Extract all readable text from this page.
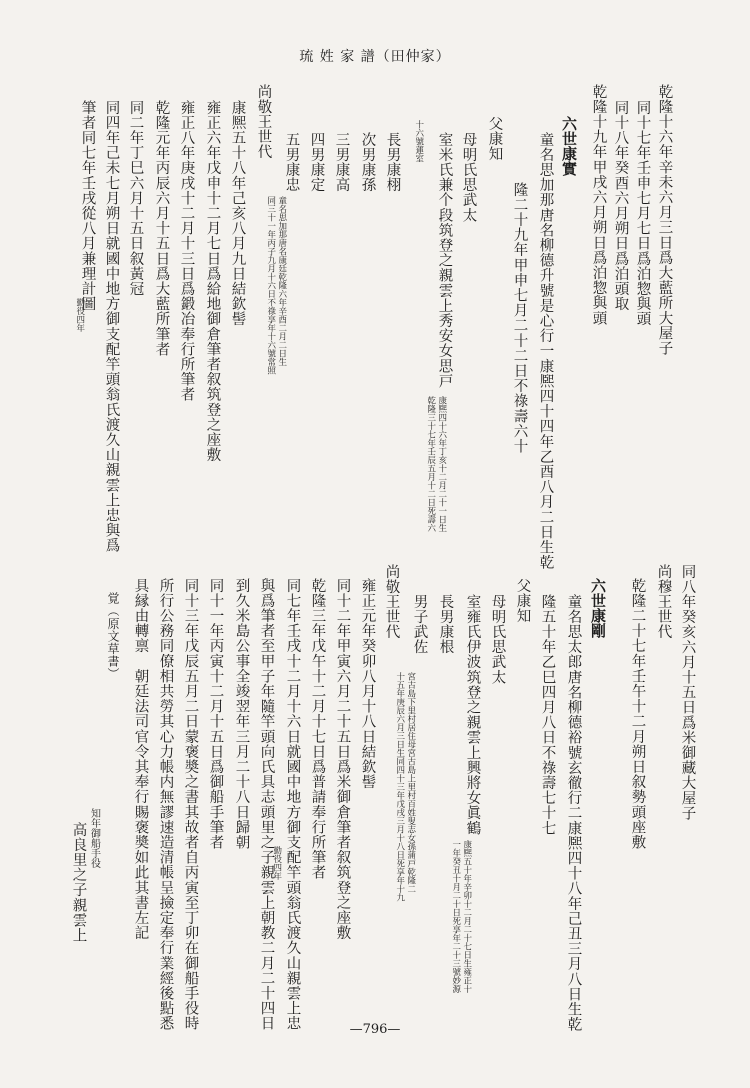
琉 姓 家 譜（田仲家）
乾隆十六年辛未六月三日爲大藍所大屋子
同十七年壬申七月七日爲泊惣與頭
同十八年癸酉六月朔日爲泊頭取
乾隆十九年甲戌六月朔日爲泊惣與頭
六世康實
童名思加那唐名柳德升號是心行一康熈四十四年乙酉八月二日生乾
隆二十九年甲申七月二十二日不祿壽六十
父康知
母明氏思武太
室米氏兼个段筑登之親雲上秀安女思戸
康熈四十六年丁亥十二月二十一日生
乾隆三十七年壬辰五月十二日死壽六
十六號蓮室
長男康栩
次男康孫
三男康高
四男康定
五男康忠
童名思加那唐名康廷乾隆六年辛酉二月二日生
同三十一年丙子九月十六日不祿享年十六號常照
尚敬王世代
康熈五十八年己亥八月九日結欽髻
雍正六年戊申十二月七日爲給地御倉筆者叙筑登之座敷
雍正八年庚戌十二月十三日爲鍛冶奉行所筆者
乾隆元年丙辰六月十五日爲大藍所筆者
同二年丁巳六月十五日叙黃冠
同四年己未七月朔日就國中地方御支配竿頭翁氏渡久山親雲上忠與爲
筆者同七年壬戌從八月兼理計圖
勤役四年
同八年癸亥六月十五日爲米御藏大屋子
尚穆王世代
乾隆二十七年壬午十二月朔日叙勢頭座敷
六世康剛
童名思太郎唐名柳德裕號玄徹行二康熈四十八年己丑三月八日生乾
隆五十年乙巳四月八日不祿壽七十七
父康知
母明氏思武太
室雍氏伊波筑登之親雲上興將女眞鶴
康熈五十年辛卯十二月二十七日生雍正十
一年癸丑十月二十日死享年二十三號妙源
長男康根
男子武佐
宮古島下里村居住母宮古島上里村百姓叟志女孫蒲戸乾隆二
十五年庚辰六月三日生同四十三年戊戌三月十八日死享年十九
尚敬王世代
雍正元年癸卯八月十八日結欽髻
同十二年甲寅六月二十五日爲米御倉筆者叙筑登之座敷
乾隆三年戊午十二月十七日爲普請奉行所筆者
同七年壬戌十二月十六日就國中地方御支配竿頭翁氏渡久山親雲上忠
與爲筆者至甲子年隨竿頭向氏具志頭里之子親雲上朝教二月二十四日
勤役四年
到久米島公事全竣翌年三月二十八日歸朝
同十一年丙寅十二月十五日爲御船手筆者
同十三年戊辰五月二日蒙褒奬之書其故者自丙寅至丁卯在御船手役時
所行公務同僚相共勞其心力帳内無謬速造清帳呈撿定奉行業經後點悉
具縁由轉禀　朝廷法司官令其奉行賜褒奬如此其書左記
覚（原文草書）
知年御船手役
高良里之子親雲上
—796—
